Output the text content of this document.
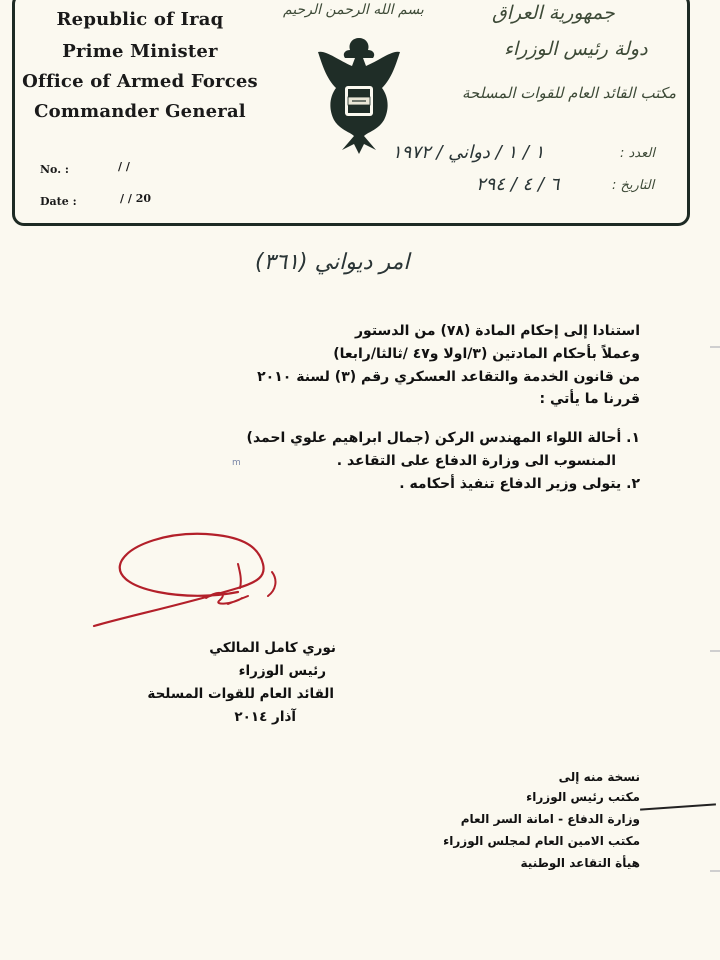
Republic of Iraq
Prime Minister
Office of Armed Forces
Commander General
No. :	/ /
Date :	/ / 20
بسم الله الرحمن الرحيم	جمهورية العراق
دولة رئيس الوزراء
مكتب القائد العام للقوات المسلحة
العدد :
١ / ١ / دواني / ١٩٧٢
التاريخ :
٦ / ٤ / ٢٩٤
امر ديواني (٣٦١)
استنادا إلى إحكام المادة (٧٨) من الدستور
وعملاً بأحكام المادتين (٣/اولا و٤٧ /ثالثا/رابعا)
من قانون الخدمة والتقاعد العسكري رقم (٣) لسنة ٢٠١٠
قررنا ما يأتي :
١. أحالة اللواء المهندس الركن (جمال ابراهيم علوي احمد)
المنسوب الى وزارة الدفاع على التقاعد .
٢. يتولى وزير الدفاع تنفيذ أحكامه .
m
نوري كامل المالكي
رئيس الوزراء
القائد العام للقوات المسلحة
آذار ٢٠١٤
نسخة منه إلى
مكتب رئيس الوزراء
وزارة الدفاع - امانة السر العام
مكتب الامين العام لمجلس الوزراء
هيأة التقاعد الوطنية
